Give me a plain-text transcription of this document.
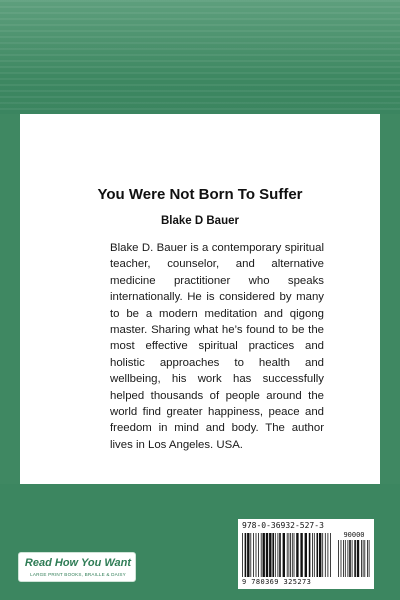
You Were Not Born To Suffer
Blake D Bauer
Blake D. Bauer is a contemporary spiritual teacher, counselor, and alternative medicine practitioner who speaks internationally. He is considered by many to be a modern meditation and qigong master. Sharing what he’s found to be the most effective spiritual practices and holistic approaches to health and wellbeing, his work has successfully helped thousands of people around the world find greater happiness, peace and freedom in mind and body. The author lives in Los Angeles. USA.
Read How You Want
LARGE PRINT BOOKS, BRAILLE & DAISY
978-0-36932-527-3
90000
9 780369 325273
